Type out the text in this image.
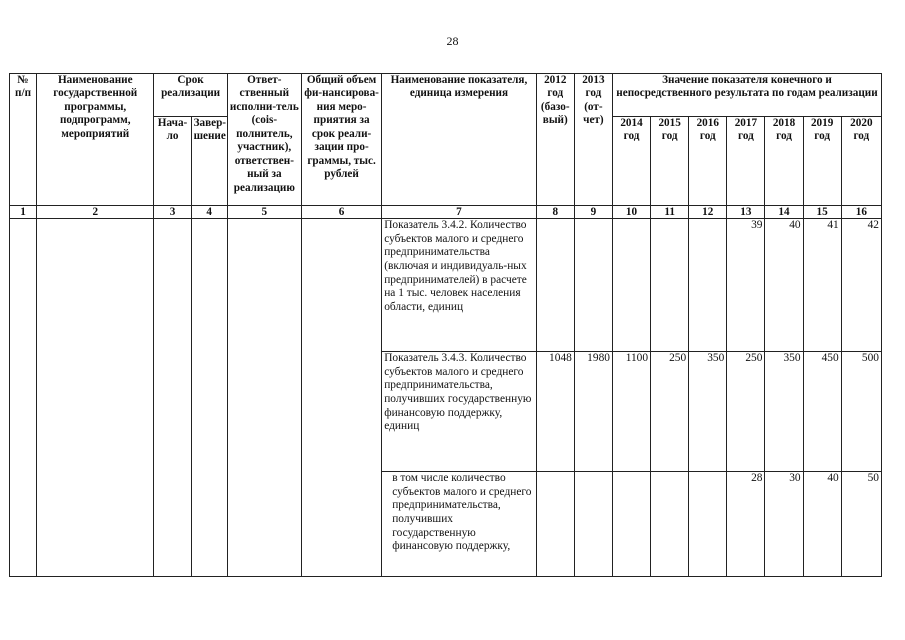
28
№ п/п	Наименование государственной программы, подпрограмм, мероприятий	Срок реализации		Ответ-ственный исполни-тель (сois-полнитель, участник), ответствен-ный за реализацию	Общий объем фи-нансирова-ния меро-приятия за срок реали-зации про-граммы, тыс. рублей	Наименование показателя, единица измерения	2012 год (базо-вый)	2013 год (от-чет)	Значение показателя конечного и непосредственного результата по годам реализации						
		Нача-ло	Завер-шение						2014 год	2015 год	2016 год	2017 год	2018 год	2019 год	2020 год
1	2	3	4	5	6	7	8	9	10	11	12	13	14	15	16
						Показатель 3.4.2. Количество субъектов малого и среднего предпринимательства (включая и индивидуаль-ных предпринимателей) в расчете на 1 тыс. человек населения области, единиц						39	40	41	42
						Показатель 3.4.3. Количество субъектов малого и среднего предпринимательства, получивших государственную финансовую поддержку, единиц	1048	1980	1100	250	350	250	350	450	500
						в том числе количество субъектов малого и среднего предпринимательства, получивших государственную финансовую поддержку,						28	30	40	50
